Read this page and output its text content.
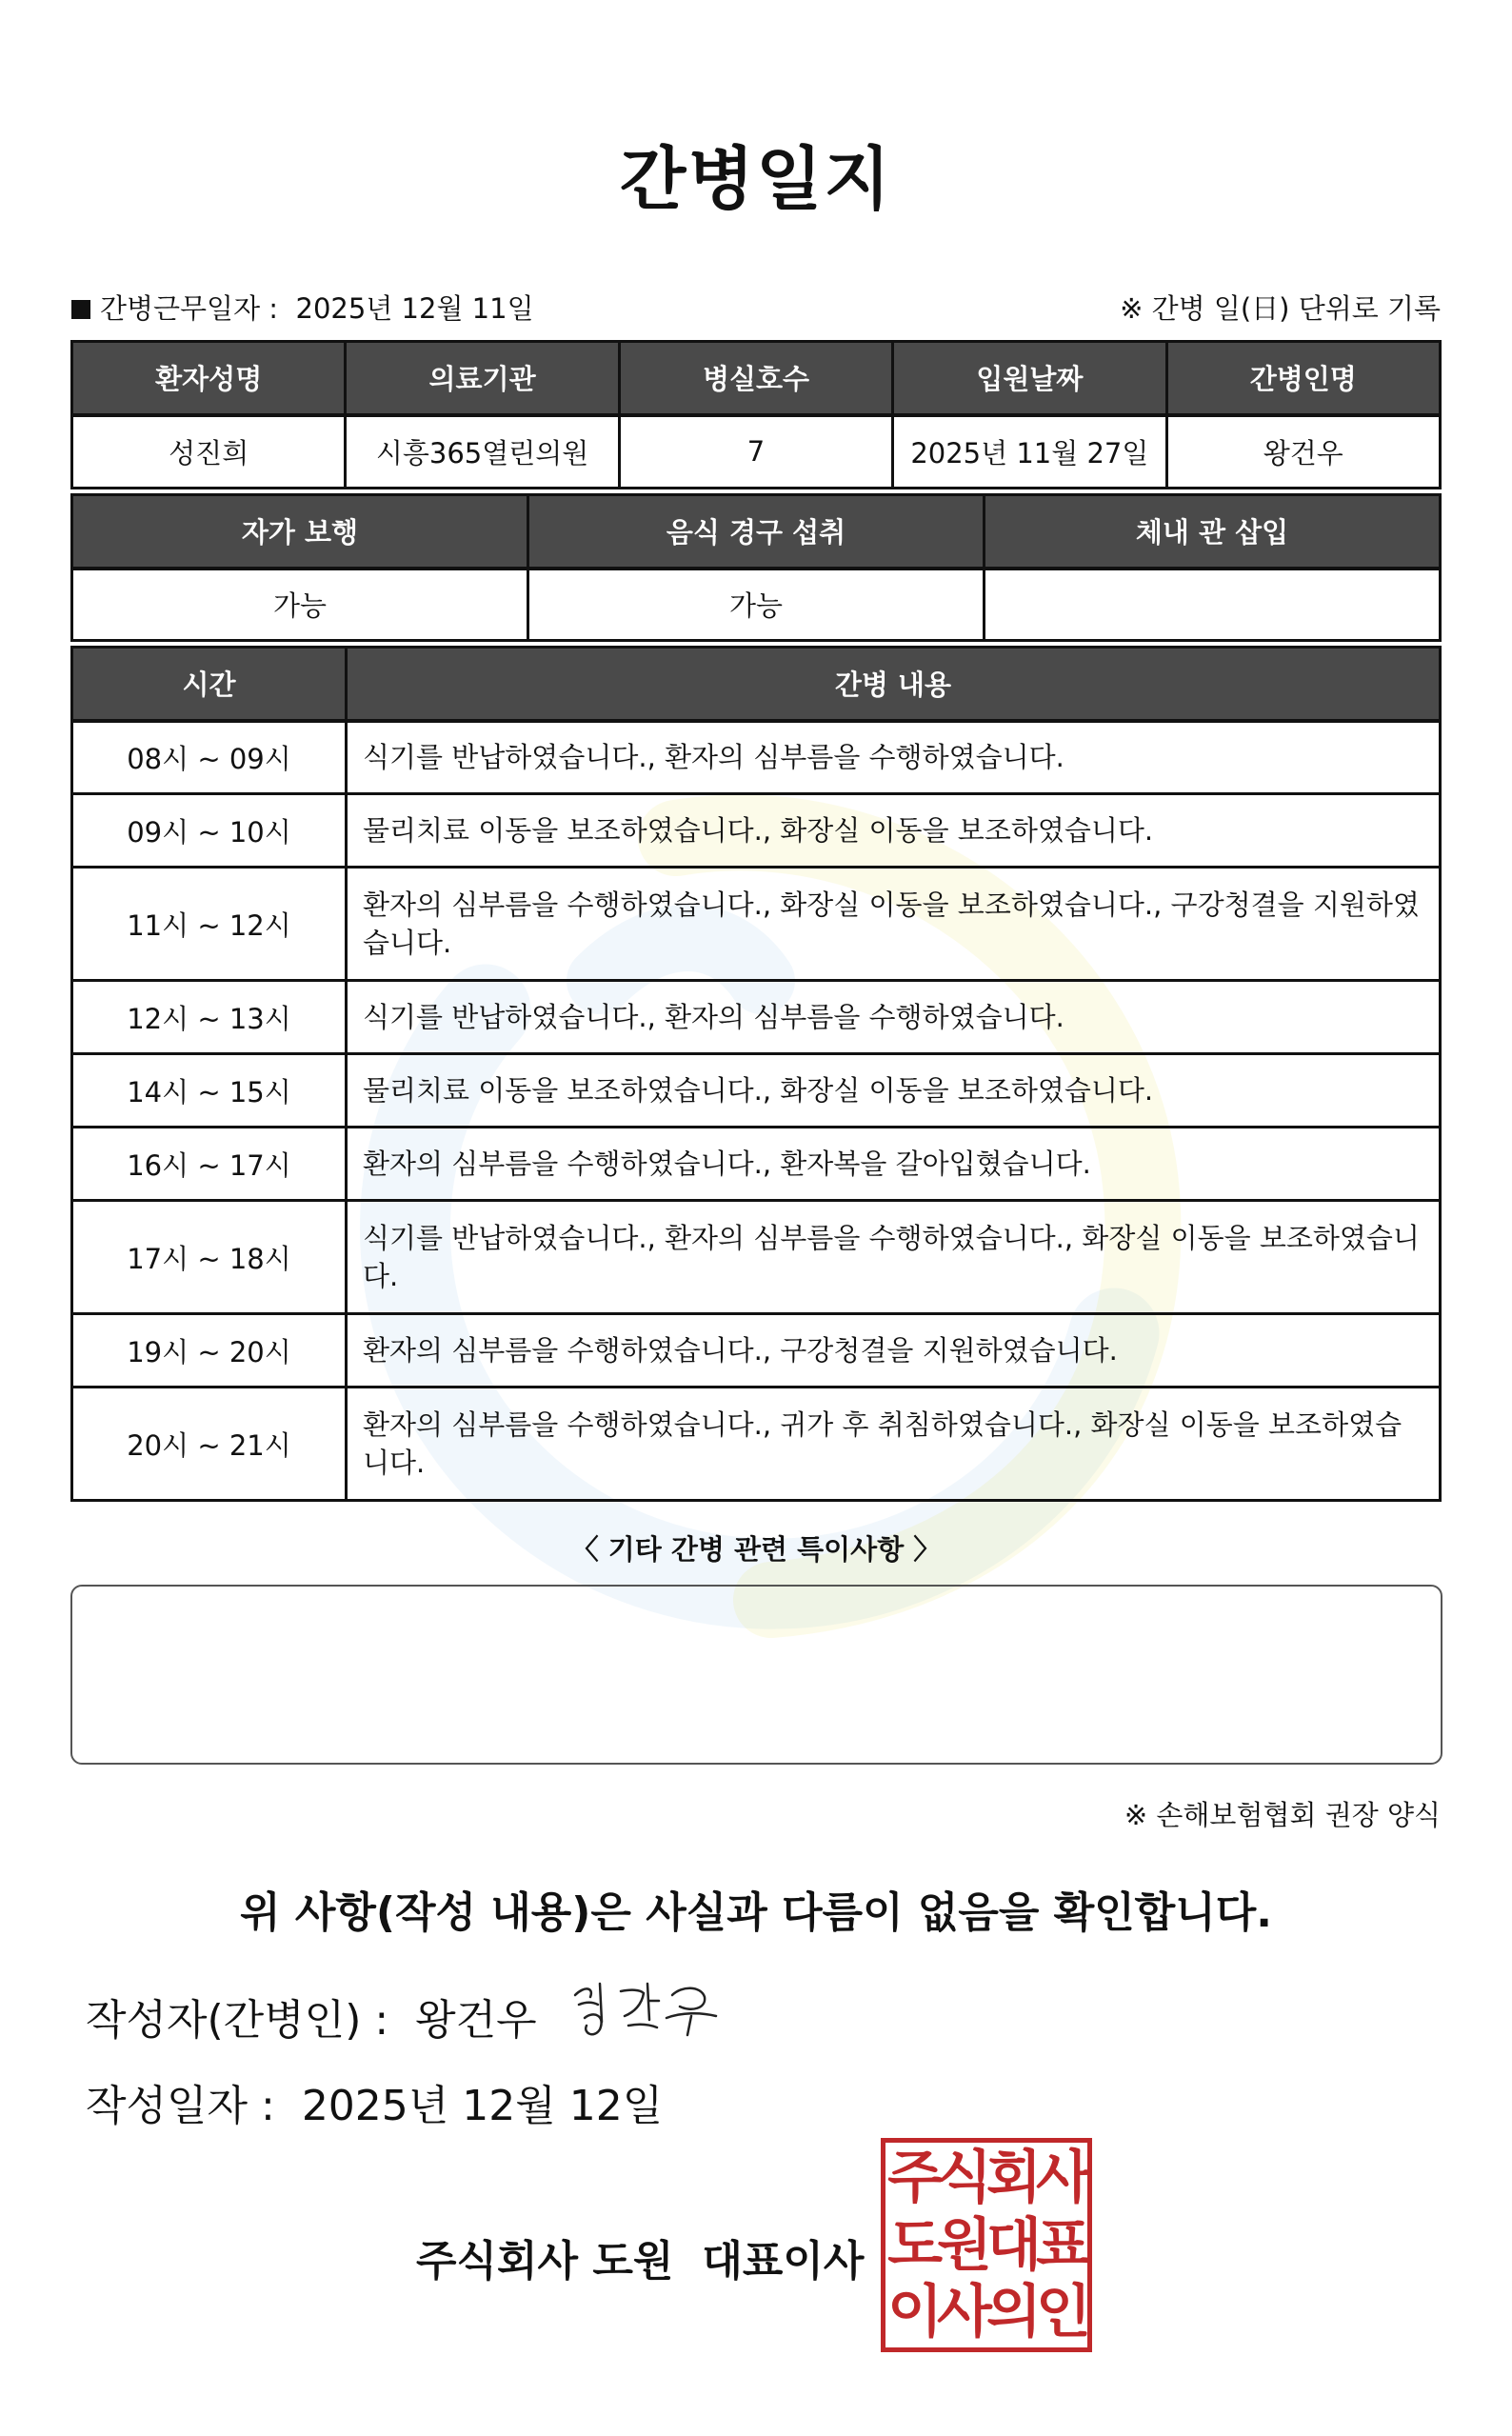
간병일지
간병근무일자 : 2025년 12월 11일	※ 간병 일(日) 단위로 기록
환자성명	의료기관	병실호수	입원날짜	간병인명
성진희	시흥365열린의원	7	2025년 11월 27일	왕건우
자가 보행	음식 경구 섭취	체내 관 삽입
가능	가능	
시간	간병 내용
08시 ~ 09시	식기를 반납하였습니다., 환자의 심부름을 수행하였습니다.
09시 ~ 10시	물리치료 이동을 보조하였습니다., 화장실 이동을 보조하였습니다.
11시 ~ 12시	환자의 심부름을 수행하였습니다., 화장실 이동을 보조하였습니다., 구강청결을 지원하였습니다.
12시 ~ 13시	식기를 반납하였습니다., 환자의 심부름을 수행하였습니다.
14시 ~ 15시	물리치료 이동을 보조하였습니다., 화장실 이동을 보조하였습니다.
16시 ~ 17시	환자의 심부름을 수행하였습니다., 환자복을 갈아입혔습니다.
17시 ~ 18시	식기를 반납하였습니다., 환자의 심부름을 수행하였습니다., 화장실 이동을 보조하였습니다.
19시 ~ 20시	환자의 심부름을 수행하였습니다., 구강청결을 지원하였습니다.
20시 ~ 21시	환자의 심부름을 수행하였습니다., 귀가 후 취침하였습니다., 화장실 이동을 보조하였습니다.
〈 기타 간병 관련 특이사항 〉
※ 손해보험협회 권장 양식
위 사항(작성 내용)은 사실과 다름이 없음을 확인합니다.
작성자(간병인) : 왕건우
작성일자 : 2025년 12월 12일
주식회사 도원 대표이사
주식회사
도원대표
이사의인
